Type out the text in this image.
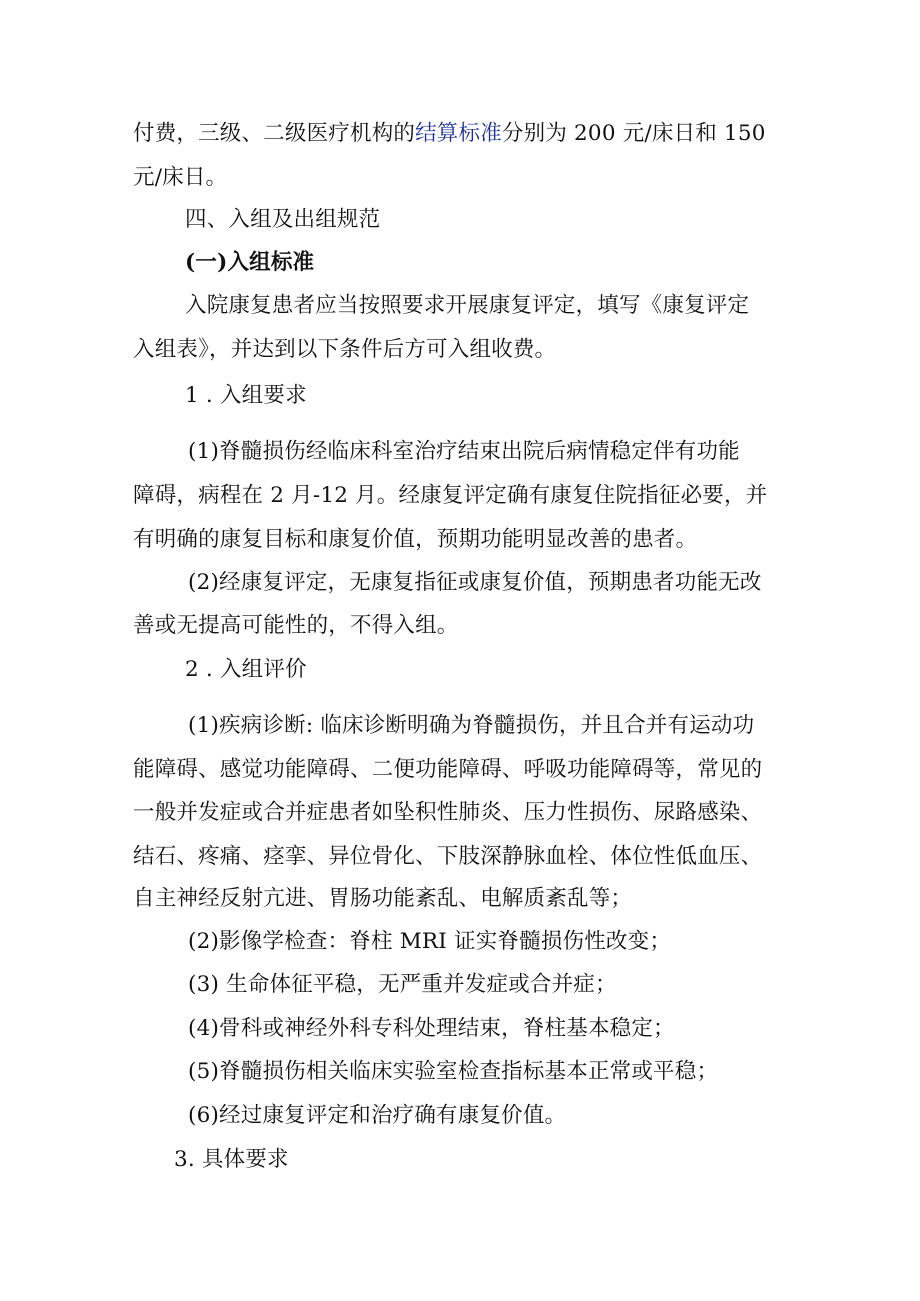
付费，三级、二级医疗机构的结算标准分别为 200 元/床日和 150
元/床日。
四、入组及出组规范
(一)入组标准
入院康复患者应当按照要求开展康复评定，填写《康复评定
入组表》，并达到以下条件后方可入组收费。
1 . 入组要求
(1)脊髓损伤经临床科室治疗结束出院后病情稳定伴有功能
障碍，病程在 2 月-12 月。经康复评定确有康复住院指征必要，并
有明确的康复目标和康复价值，预期功能明显改善的患者。
(2)经康复评定，无康复指征或康复价值，预期患者功能无改
善或无提高可能性的，不得入组。
2 . 入组评价
(1)疾病诊断: 临床诊断明确为脊髓损伤，并且合并有运动功
能障碍、感觉功能障碍、二便功能障碍、呼吸功能障碍等，常见的
一般并发症或合并症患者如坠积性肺炎、压力性损伤、尿路感染、
结石、疼痛、痉挛、异位骨化、下肢深静脉血栓、体位性低血压、
自主神经反射亢进、胃肠功能紊乱、电解质紊乱等；
(2)影像学检查：脊柱 MRI 证实脊髓损伤性改变；
(3) 生命体征平稳，无严重并发症或合并症；
(4)骨科或神经外科专科处理结束，脊柱基本稳定；
(5)脊髓损伤相关临床实验室检查指标基本正常或平稳；
(6)经过康复评定和治疗确有康复价值。
3. 具体要求
